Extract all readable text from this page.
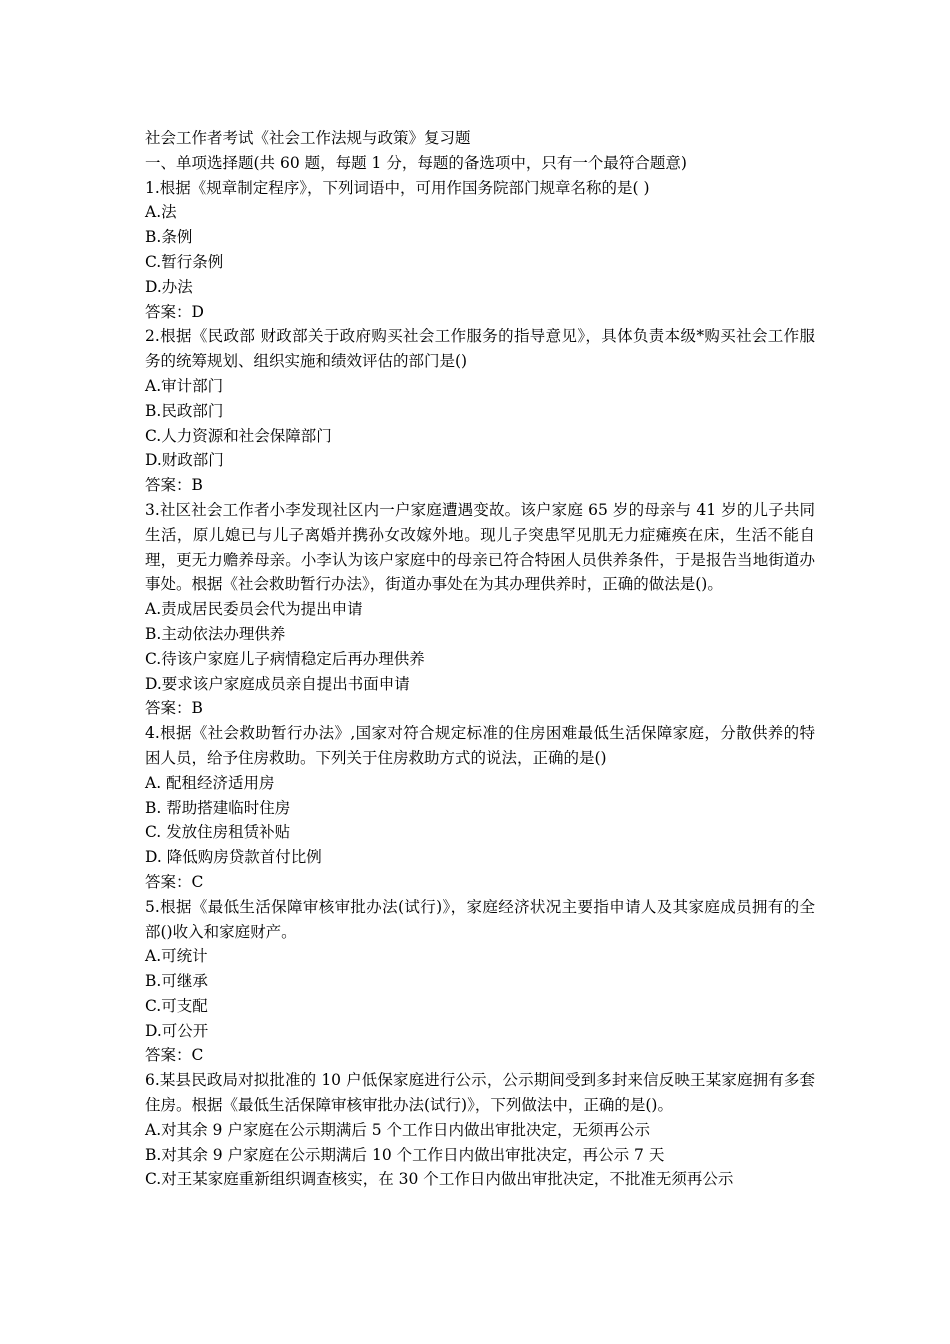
社会工作者考试《社会工作法规与政策》复习题

一、单项选择题(共 60 题，每题 1 分，每题的备选项中，只有一个最符合题意)

1.根据《规章制定程序》，下列词语中，可用作国务院部门规章名称的是( )

A.法

B.条例

C.暂行条例

D.办法

答案：D

2.根据《民政部 财政部关于政府购买社会工作服务的指导意见》，具体负责本级*购买社会工作服务的统筹规划、组织实施和绩效评估的部门是()

A.审计部门

B.民政部门

C.人力资源和社会保障部门

D.财政部门

答案：B

3.社区社会工作者小李发现社区内一户家庭遭遇变故。该户家庭 65 岁的母亲与 41 岁的儿子共同生活，原儿媳已与儿子离婚并携孙女改嫁外地。现儿子突患罕见肌无力症瘫痪在床，生活不能自理，更无力赡养母亲。小李认为该户家庭中的母亲已符合特困人员供养条件，于是报告当地街道办事处。根据《社会救助暂行办法》，街道办事处在为其办理供养时，正确的做法是()。

A.责成居民委员会代为提出申请

B.主动依法办理供养

C.待该户家庭儿子病情稳定后再办理供养

D.要求该户家庭成员亲自提出书面申请

答案：B

4.根据《社会救助暂行办法》,国家对符合规定标准的住房困难最低生活保障家庭，分散供养的特困人员，给予住房救助。下列关于住房救助方式的说法，正确的是()

A. 配租经济适用房

B. 帮助搭建临时住房

C. 发放住房租赁补贴

D. 降低购房贷款首付比例

答案：C

5.根据《最低生活保障审核审批办法(试行)》，家庭经济状况主要指申请人及其家庭成员拥有的全部()收入和家庭财产。

A.可统计

B.可继承

C.可支配

D.可公开

答案：C

6.某县民政局对拟批准的 10 户低保家庭进行公示，公示期间受到多封来信反映王某家庭拥有多套住房。根据《最低生活保障审核审批办法(试行)》，下列做法中，正确的是()。

A.对其余 9 户家庭在公示期满后 5 个工作日内做出审批决定，无须再公示

B.对其余 9 户家庭在公示期满后 10 个工作日内做出审批决定，再公示 7 天

C.对王某家庭重新组织调查核实，在 30 个工作日内做出审批决定，不批准无须再公示
